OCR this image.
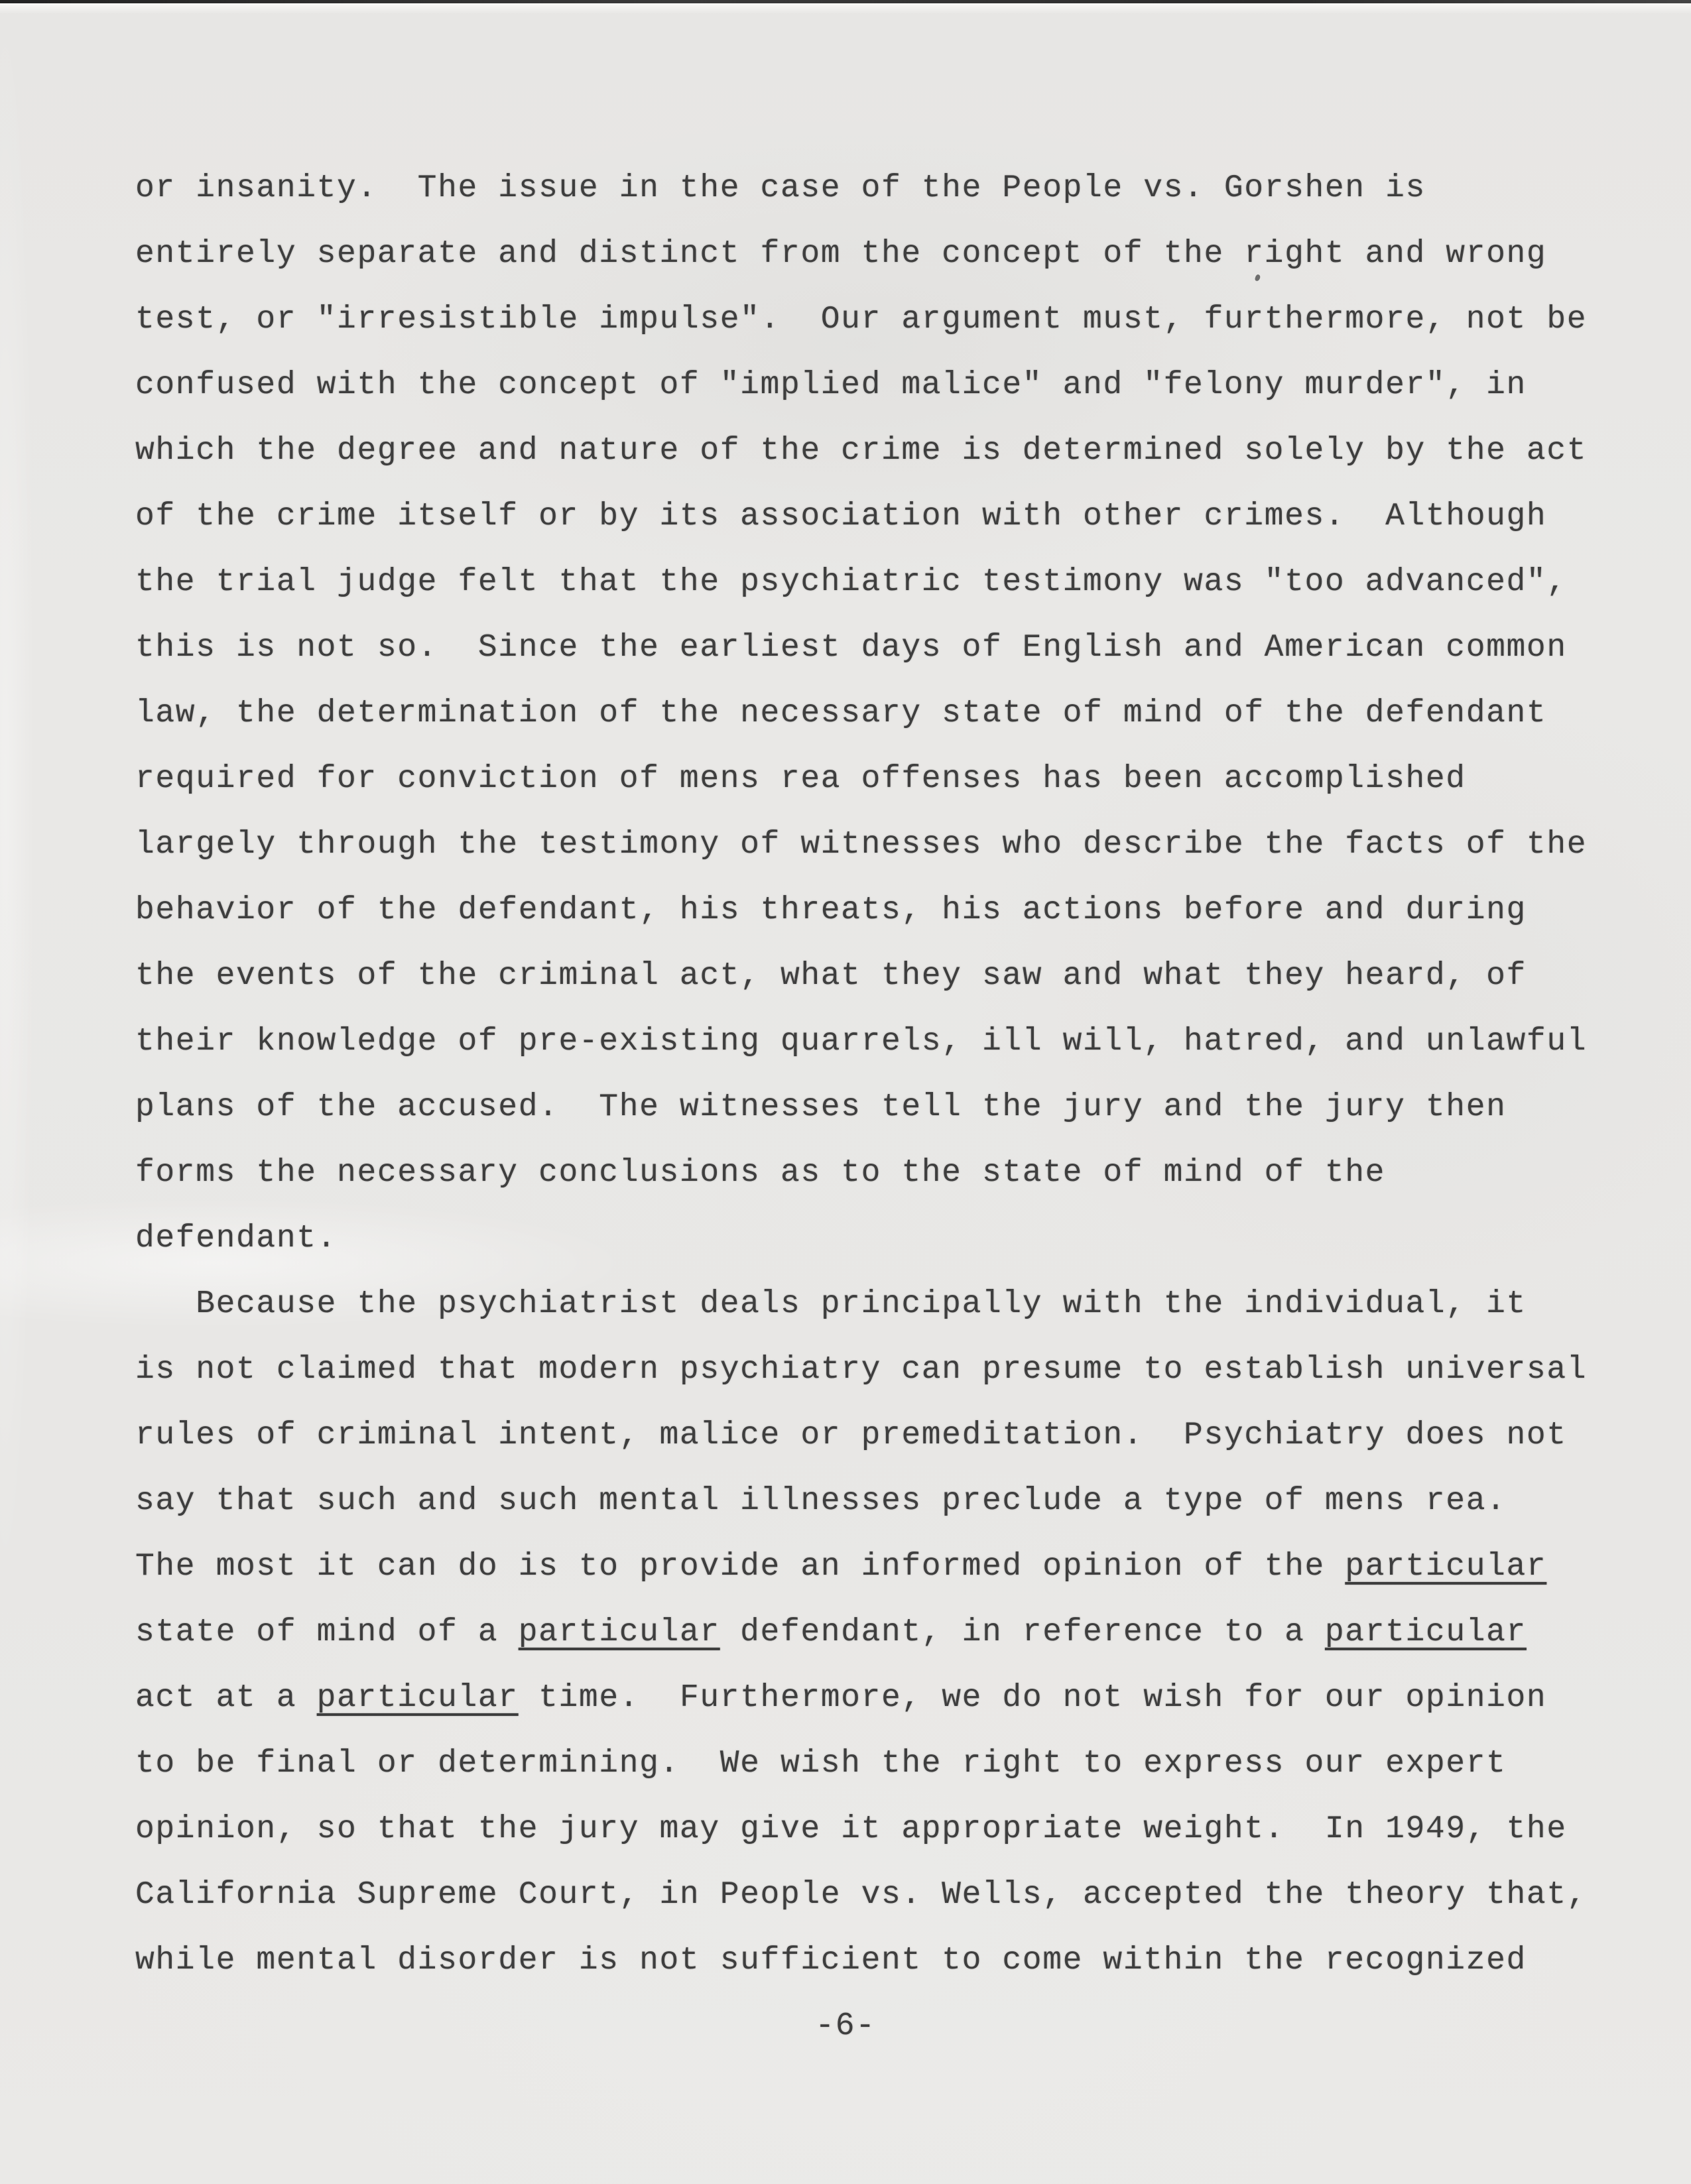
or insanity.  The issue in the case of the People vs. Gorshen is
entirely separate and distinct from the concept of the right and wrong
test, or "irresistible impulse".  Our argument must, furthermore, not be
confused with the concept of "implied malice" and "felony murder", in
which the degree and nature of the crime is determined solely by the act
of the crime itself or by its association with other crimes.  Although
the trial judge felt that the psychiatric testimony was "too advanced",
this is not so.  Since the earliest days of English and American common
law, the determination of the necessary state of mind of the defendant
required for conviction of mens rea offenses has been accomplished
largely through the testimony of witnesses who describe the facts of the
behavior of the defendant, his threats, his actions before and during
the events of the criminal act, what they saw and what they heard, of
their knowledge of pre-existing quarrels, ill will, hatred, and unlawful
plans of the accused.  The witnesses tell the jury and the jury then
forms the necessary conclusions as to the state of mind of the
defendant.
Because the psychiatrist deals principally with the individual, it
is not claimed that modern psychiatry can presume to establish universal
rules of criminal intent, malice or premeditation.  Psychiatry does not
say that such and such mental illnesses preclude a type of mens rea.
The most it can do is to provide an informed opinion of the particular
state of mind of a particular defendant, in reference to a particular
act at a particular time.  Furthermore, we do not wish for our opinion
to be final or determining.  We wish the right to express our expert
opinion, so that the jury may give it appropriate weight.  In 1949, the
California Supreme Court, in People vs. Wells, accepted the theory that,
while mental disorder is not sufficient to come within the recognized
-6-
